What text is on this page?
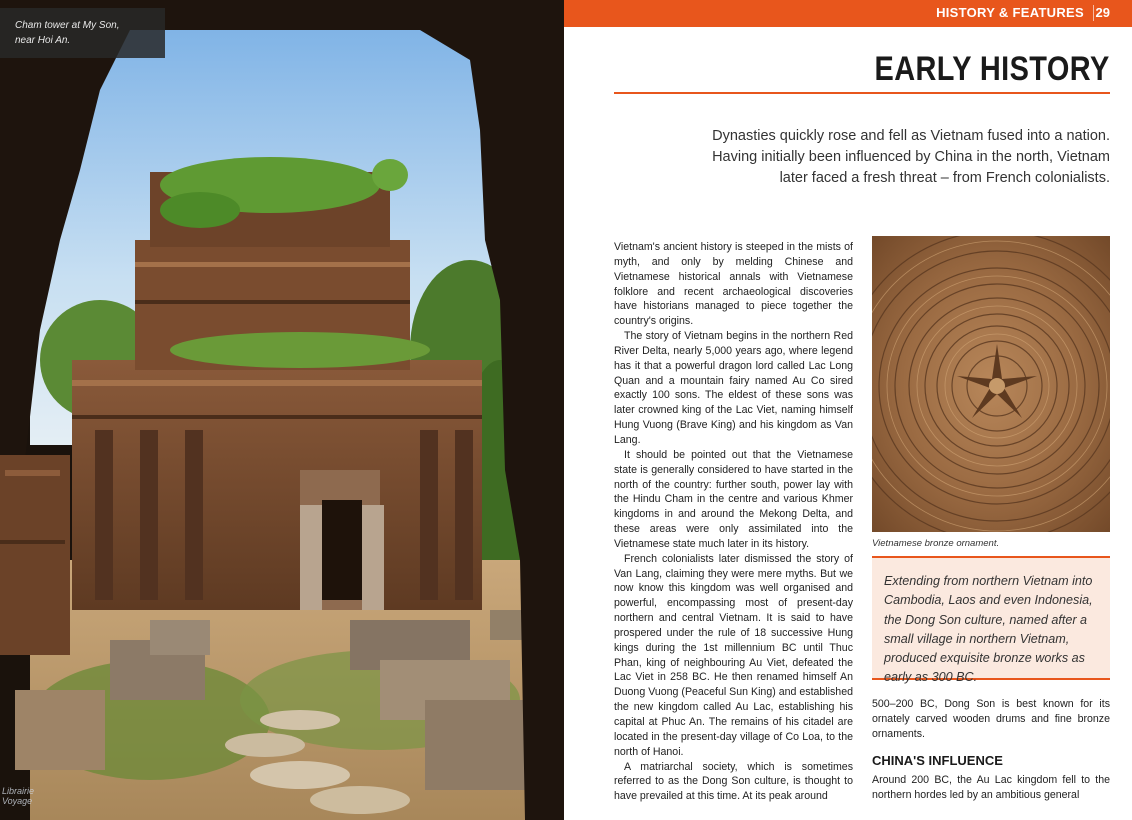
Cham tower at My Son,
near Hoi An.
Librairie Voyage
HISTORY & FEATURES 29
EARLY HISTORY
Dynasties quickly rose and fell as Vietnam fused into a nation. Having initially been influenced by China in the north, Vietnam later faced a fresh threat – from French colonialists.

Vietnam's ancient history is steeped in the mists of myth, and only by melding Chinese and Vietnamese historical annals with Vietnamese folklore and recent archaeological discoveries have historians managed to piece together the country's origins.

The story of Vietnam begins in the northern Red River Delta, nearly 5,000 years ago, where legend has it that a powerful dragon lord called Lac Long Quan and a mountain fairy named Au Co sired exactly 100 sons. The eldest of these sons was later crowned king of the Lac Viet, naming himself Hung Vuong (Brave King) and his kingdom as Van Lang.

It should be pointed out that the Vietnamese state is generally considered to have started in the north of the country: further south, power lay with the Hindu Cham in the centre and various Khmer kingdoms in and around the Mekong Delta, and these areas were only assimilated into the Vietnamese state much later in its history.

French colonialists later dismissed the story of Van Lang, claiming they were mere myths. But we now know this kingdom was well organised and powerful, encompassing most of present-day northern and central Vietnam. It is said to have prospered under the rule of 18 successive Hung kings during the 1st millennium BC until Thuc Phan, king of neighbouring Au Viet, defeated the Lac Viet in 258 BC. He then renamed himself An Duong Vuong (Peaceful Sun King) and established the new kingdom called Au Lac, establishing his capital at Phuc An. The remains of his citadel are located in the present-day village of Co Loa, to the north of Hanoi.

A matriarchal society, which is sometimes referred to as the Dong Son culture, is thought to have prevailed at this time. At its peak around

Vietnamese bronze ornament.
Extending from northern Vietnam into Cambodia, Laos and even Indonesia, the Dong Son culture, named after a small village in northern Vietnam, produced exquisite bronze works as early as 300 BC.
500–200 BC, Dong Son is best known for its ornately carved wooden drums and fine bronze ornaments.
CHINA'S INFLUENCE
Around 200 BC, the Au Lac kingdom fell to the northern hordes led by an ambitious general
